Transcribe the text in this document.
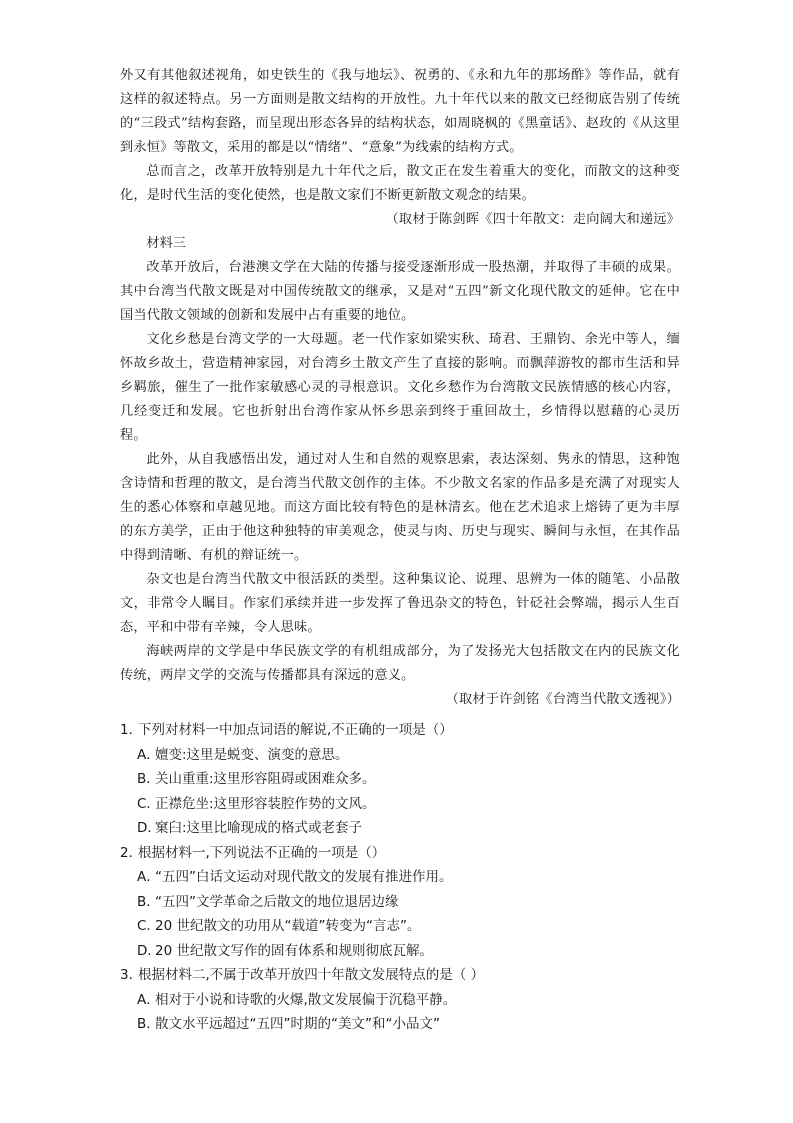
外又有其他叙述视角，如史铁生的《我与地坛》、祝勇的、《永和九年的那场酢》等作品，就有这样的叙述特点。另一方面则是散文结构的开放性。九十年代以来的散文已经彻底告别了传统的“三段式”结构套路，而呈现出形态各异的结构状态，如周晓枫的《黑童话》、赵玫的《从这里到永恒》等散文，采用的都是以“情绪”、“意象”为线索的结构方式。

总而言之，改革开放特别是九十年代之后，散文正在发生着重大的变化，而散文的这种变化，是时代生活的变化使然，也是散文家们不断更新散文观念的结果。

（取材于陈剑晖《四十年散文：走向阔大和递远》

材料三

改革开放后，台港澳文学在大陆的传播与接受逐渐形成一股热潮，并取得了丰硕的成果。其中台湾当代散文既是对中国传统散文的继承，又是对“五四”新文化现代散文的延伸。它在中国当代散文领域的创新和发展中占有重要的地位。

文化乡愁是台湾文学的一大母题。老一代作家如梁实秋、琦君、王鼎钧、余光中等人，缅怀故乡故土，营造精神家园，对台湾乡土散文产生了直接的影响。而飘萍游牧的都市生活和异乡羁旅，催生了一批作家敏感心灵的寻根意识。文化乡愁作为台湾散文民族情感的核心内容，几经变迁和发展。它也折射出台湾作家从怀乡思亲到终于重回故土，乡情得以慰藉的心灵历程。

此外，从自我感悟出发，通过对人生和自然的观察思索，表达深刻、隽永的情思，这种饱含诗情和哲理的散文，是台湾当代散文创作的主体。不少散文名家的作品多是充满了对现实人生的悉心体察和卓越见地。而这方面比较有特色的是林清玄。他在艺术追求上熔铸了更为丰厚的东方美学，正由于他这种独特的审美观念，使灵与肉、历史与现实、瞬间与永恒，在其作品中得到清晰、有机的辩证统一。

杂文也是台湾当代散文中很活跃的类型。这种集议论、说理、思辨为一体的随笔、小品散文，非常令人瞩目。作家们承续并进一步发挥了鲁迅杂文的特色，针砭社会弊端，揭示人生百态，平和中带有辛辣，令人思味。

海峡两岸的文学是中华民族文学的有机组成部分，为了发扬光大包括散文在内的民族文化传统，两岸文学的交流与传播都具有深远的意义。

（取材于许剑铭《台湾当代散文透视》）

1．下列对材料一中加点词语的解说,不正确的一项是（）

A．嬗变:这里是蜕变、演变的意思。

B．关山重重:这里形容阻碍或困难众多。

C．正襟危坐:这里形容装腔作势的文风。

D．窠臼:这里比喻现成的格式或老套子

2．根据材料一,下列说法不正确的一项是（）

A．“五四”白话文运动对现代散文的发展有推进作用。

B．“五四”文学革命之后散文的地位退居边缘

C．20 世纪散文的功用从“载道”转变为“言志”。

D．20 世纪散文写作的固有体系和规则彻底瓦解。

3．根据材料二,不属于改革开放四十年散文发展特点的是（ ）

A．相对于小说和诗歌的火爆,散文发展偏于沉稳平静。

B．散文水平远超过“五四”时期的“美文”和“小品文”
